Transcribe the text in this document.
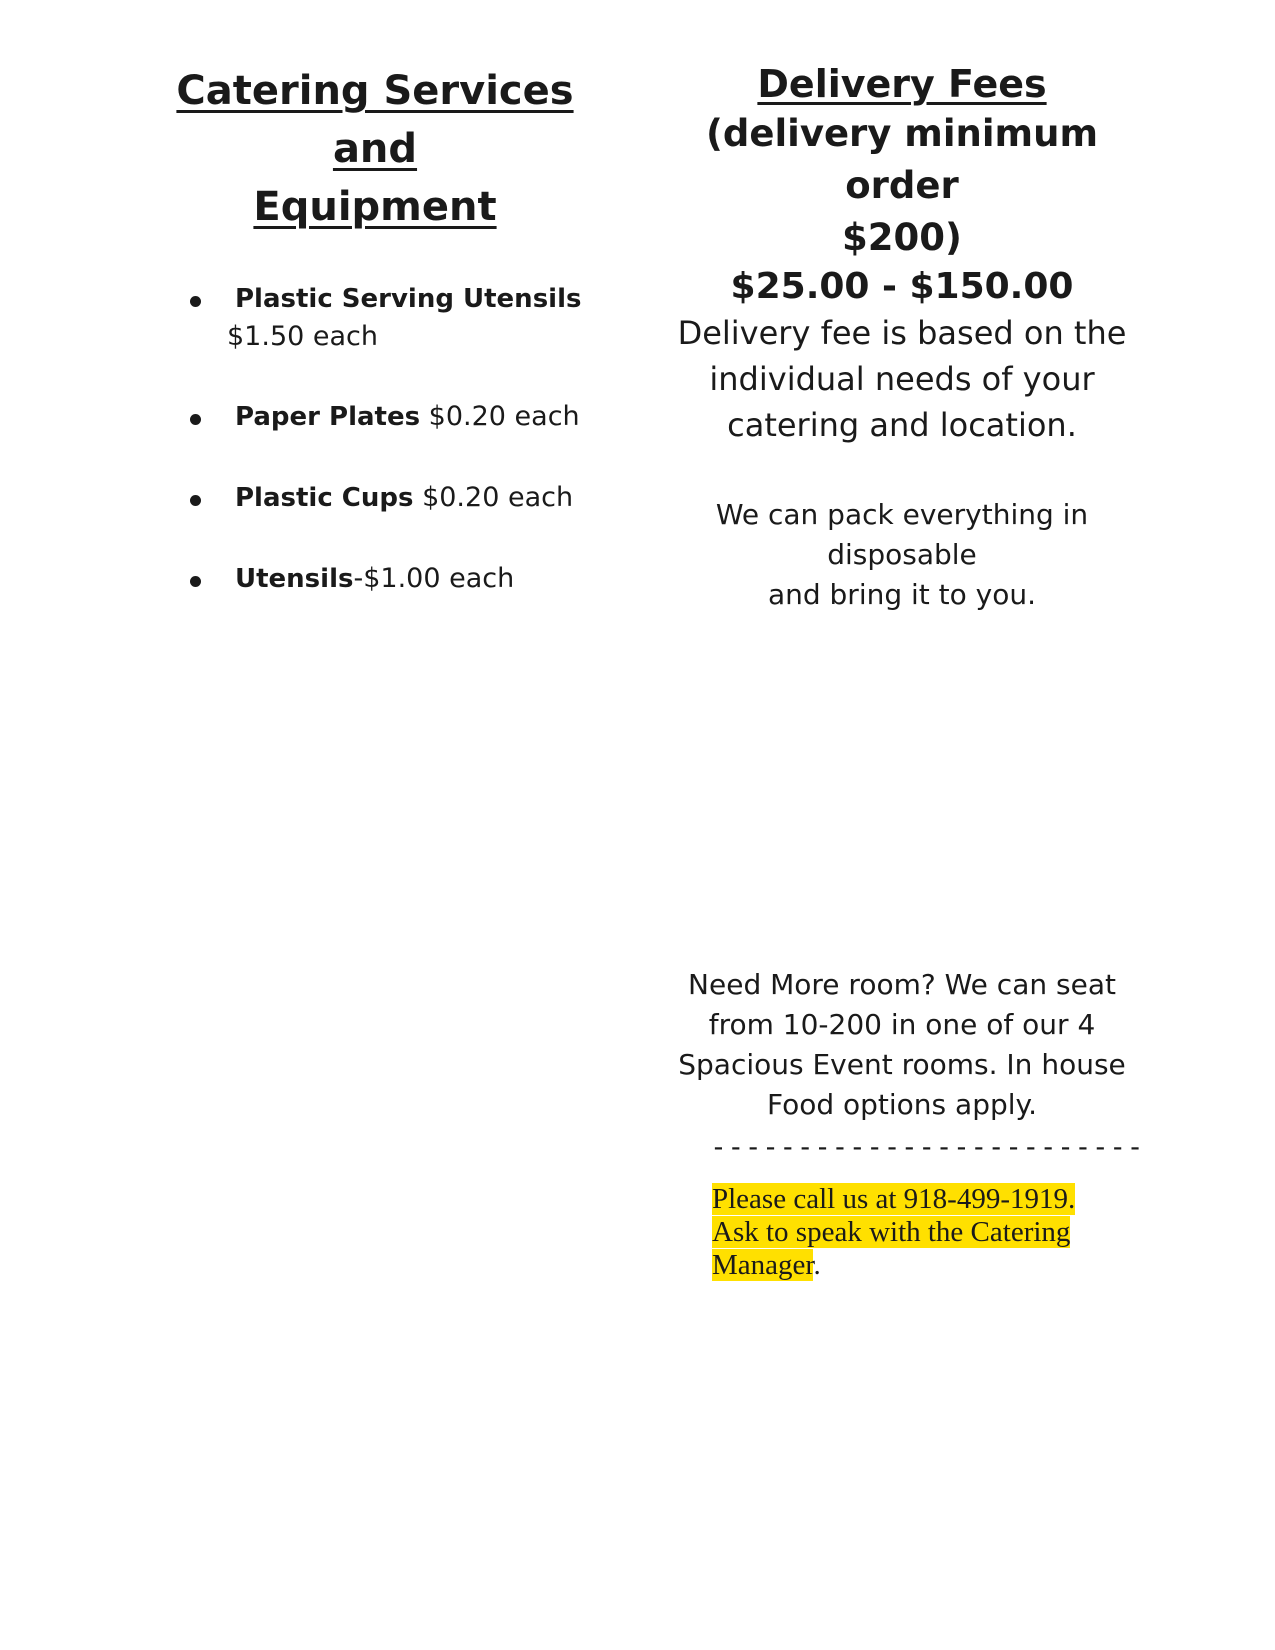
Catering Services and
Equipment
Plastic Serving Utensils
$1.50 each
Paper Plates $0.20 each
Plastic Cups $0.20 each
Utensils-$1.00 each

Delivery Fees

(delivery minimum order

$200)

$25.00 - $150.00

Delivery fee is based on the

individual needs of your

catering and location.

We can pack everything in
disposable
and bring it to you.
Need More room? We can seat
from 10-200 in one of our 4
Spacious Event rooms. In house
Food options apply.
-------------------------
Please call us at 918-499-1919.
Ask to speak with the Catering
Manager.
